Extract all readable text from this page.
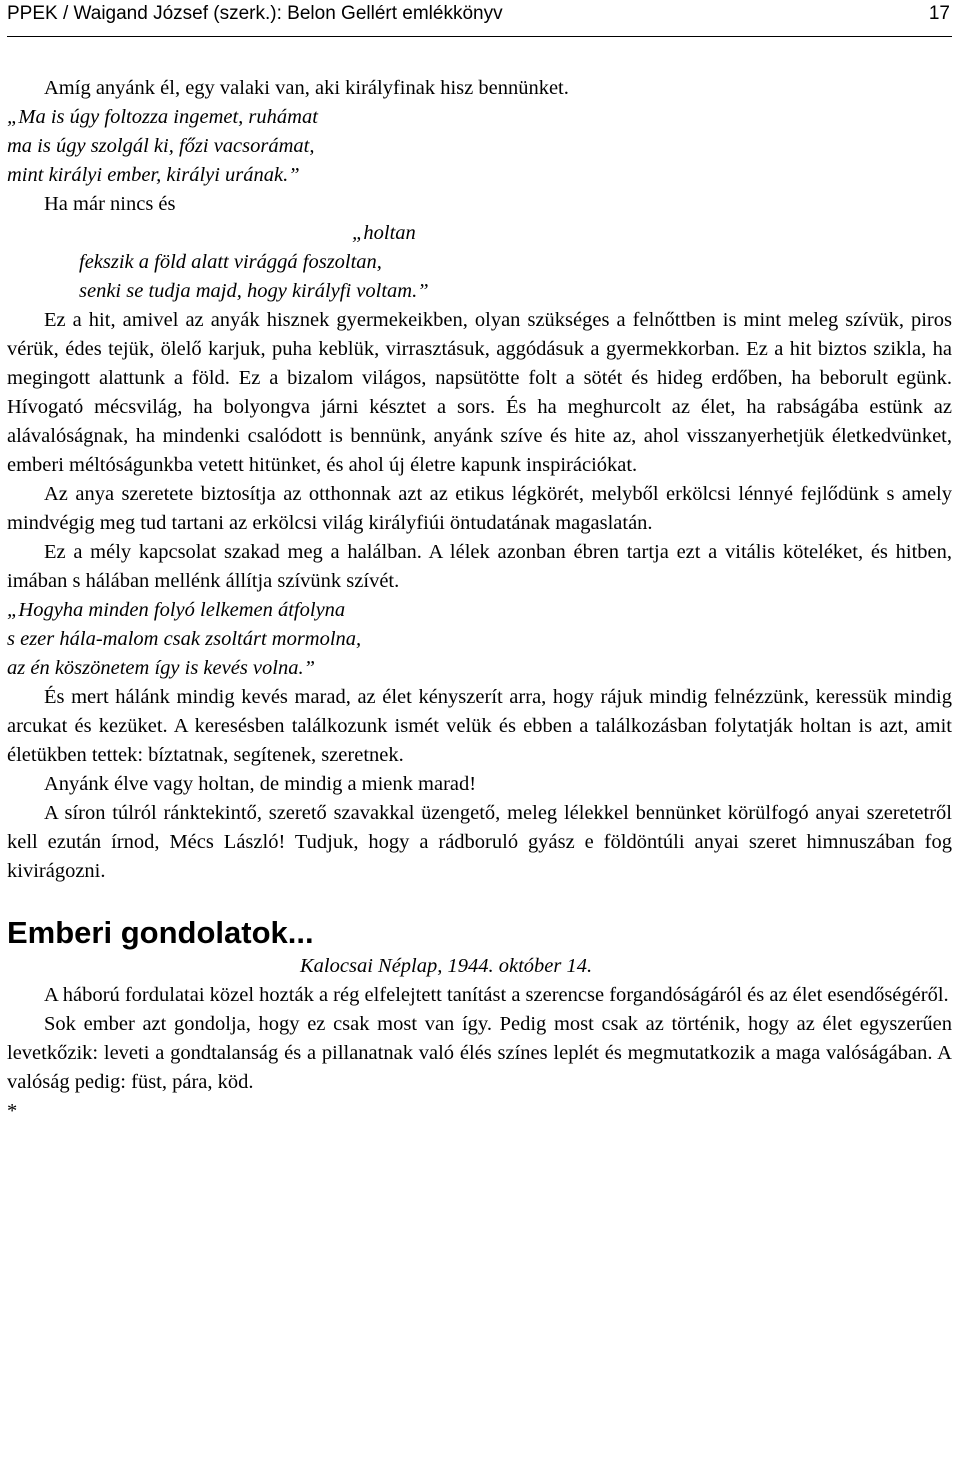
PPEK / Waigand József (szerk.): Belon Gellért emlékkönyv	17

Amíg anyánk él, egy valaki van, aki királyfinak hisz bennünket.

„Ma is úgy foltozza ingemet, ruhámat
ma is úgy szolgál ki, főzi vacsorámat,
mint királyi ember, királyi urának.”

Ha már nincs és

„holtan
fekszik a föld alatt virággá foszoltan,
senki se tudja majd, hogy királyfi voltam.”

Ez a hit, amivel az anyák hisznek gyermekeikben, olyan szükséges a felnőttben is mint meleg szívük, piros vérük, édes tejük, ölelő karjuk, puha keblük, virrasztásuk, aggódásuk a gyermekkorban. Ez a hit biztos szikla, ha megingott alattunk a föld. Ez a bizalom világos, napsütötte folt a sötét és hideg erdőben, ha beborult egünk. Hívogató mécsvilág, ha bolyongva járni késztet a sors. És ha meghurcolt az élet, ha rabságába estünk az alávalóságnak, ha mindenki csalódott is bennünk, anyánk szíve és hite az, ahol visszanyerhetjük életkedvünket, emberi méltóságunkba vetett hitünket, és ahol új életre kapunk inspirációkat.

Az anya szeretete biztosítja az otthonnak azt az etikus légkörét, melyből erkölcsi lénnyé fejlődünk s amely mindvégig meg tud tartani az erkölcsi világ királyfiúi öntudatának magaslatán.

Ez a mély kapcsolat szakad meg a halálban. A lélek azonban ébren tartja ezt a vitális köteléket, és hitben, imában s hálában mellénk állítja szívünk szívét.

„Hogyha minden folyó lelkemen átfolyna
s ezer hála-malom csak zsoltárt mormolna,
az én köszönetem így is kevés volna.”

És mert hálánk mindig kevés marad, az élet kényszerít arra, hogy rájuk mindig felnézzünk, keressük mindig arcukat és kezüket. A keresésben találkozunk ismét velük és ebben a találkozásban folytatják holtan is azt, amit életükben tettek: bíztatnak, segítenek, szeretnek.

Anyánk élve vagy holtan, de mindig a mienk marad!

A síron túlról ránktekintő, szerető szavakkal üzengető, meleg lélekkel bennünket körülfogó anyai szeretetről kell ezután írnod, Mécs László! Tudjuk, hogy a rádboruló gyász e földöntúli anyai szeret himnuszában fog kivirágozni.

Emberi gondolatok...

Kalocsai Néplap, 1944. október 14.

A háború fordulatai közel hozták a rég elfelejtett tanítást a szerencse forgandóságáról és az élet esendőségéről.

Sok ember azt gondolja, hogy ez csak most van így. Pedig most csak az történik, hogy az élet egyszerűen levetkőzik: leveti a gondtalanság és a pillanatnak való élés színes leplét és megmutatkozik a maga valóságában. A valóság pedig: füst, pára, köd.

*
